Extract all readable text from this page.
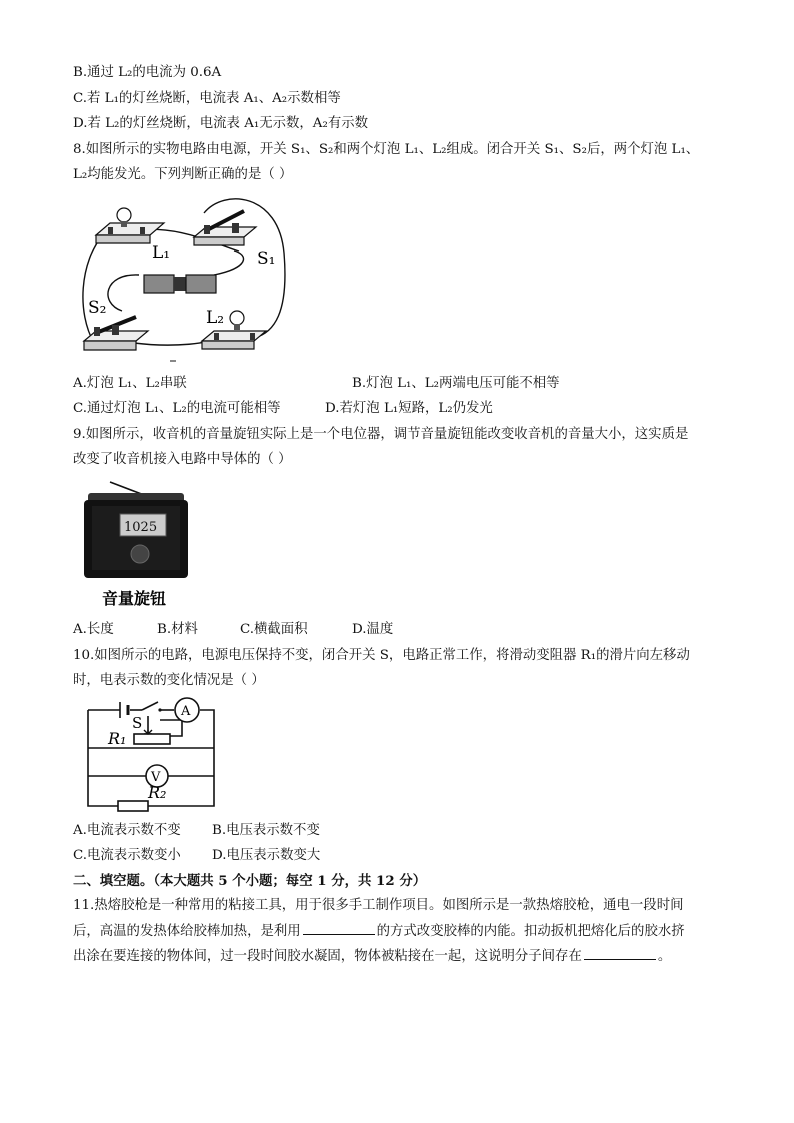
B.通过 L₂的电流为 0.6A
C.若 L₁的灯丝烧断，电流表 A₁、A₂示数相等
D.若 L₂的灯丝烧断，电流表 A₁无示数，A₂有示数
8.如图所示的实物电路由电源，开关 S₁、S₂和两个灯泡 L₁、L₂组成。闭合开关 S₁、S₂后，两个灯泡 L₁、
L₂均能发光。下列判断正确的是（ ）
L₁	S₁
S₂	L₂
A.灯泡 L₁、L₂串联	B.灯泡 L₁、L₂两端电压可能不相等
C.通过灯泡 L₁、L₂的电流可能相等	D.若灯泡 L₁短路，L₂仍发光
9.如图所示，收音机的音量旋钮实际上是一个电位器，调节音量旋钮能改变收音机的音量大小，这实质是
改变了收音机接入电路中导体的（ ）
1025
音量旋钮
A.长度	B.材料	C.横截面积	D.温度
10.如图所示的电路，电源电压保持不变，闭合开关 S，电路正常工作，将滑动变阻器 R₁的滑片向左移动
时，电表示数的变化情况是（ ）
S
A
R₁
V
R₂
A.电流表示数不变 B.电压表示数不变
C.电流表示数变小 D.电压表示数变大
二、填空题。（本大题共 5 个小题；每空 1 分，共 12 分）
11.热熔胶枪是一种常用的粘接工具，用于很多手工制作项目。如图所示是一款热熔胶枪，通电一段时间
后，高温的发热体给胶棒加热，是利用	的方式改变胶棒的内能。扣动扳机把熔化后的胶水挤
出涂在要连接的物体间，过一段时间胶水凝固，物体被粘接在一起，这说明分子间存在	。
